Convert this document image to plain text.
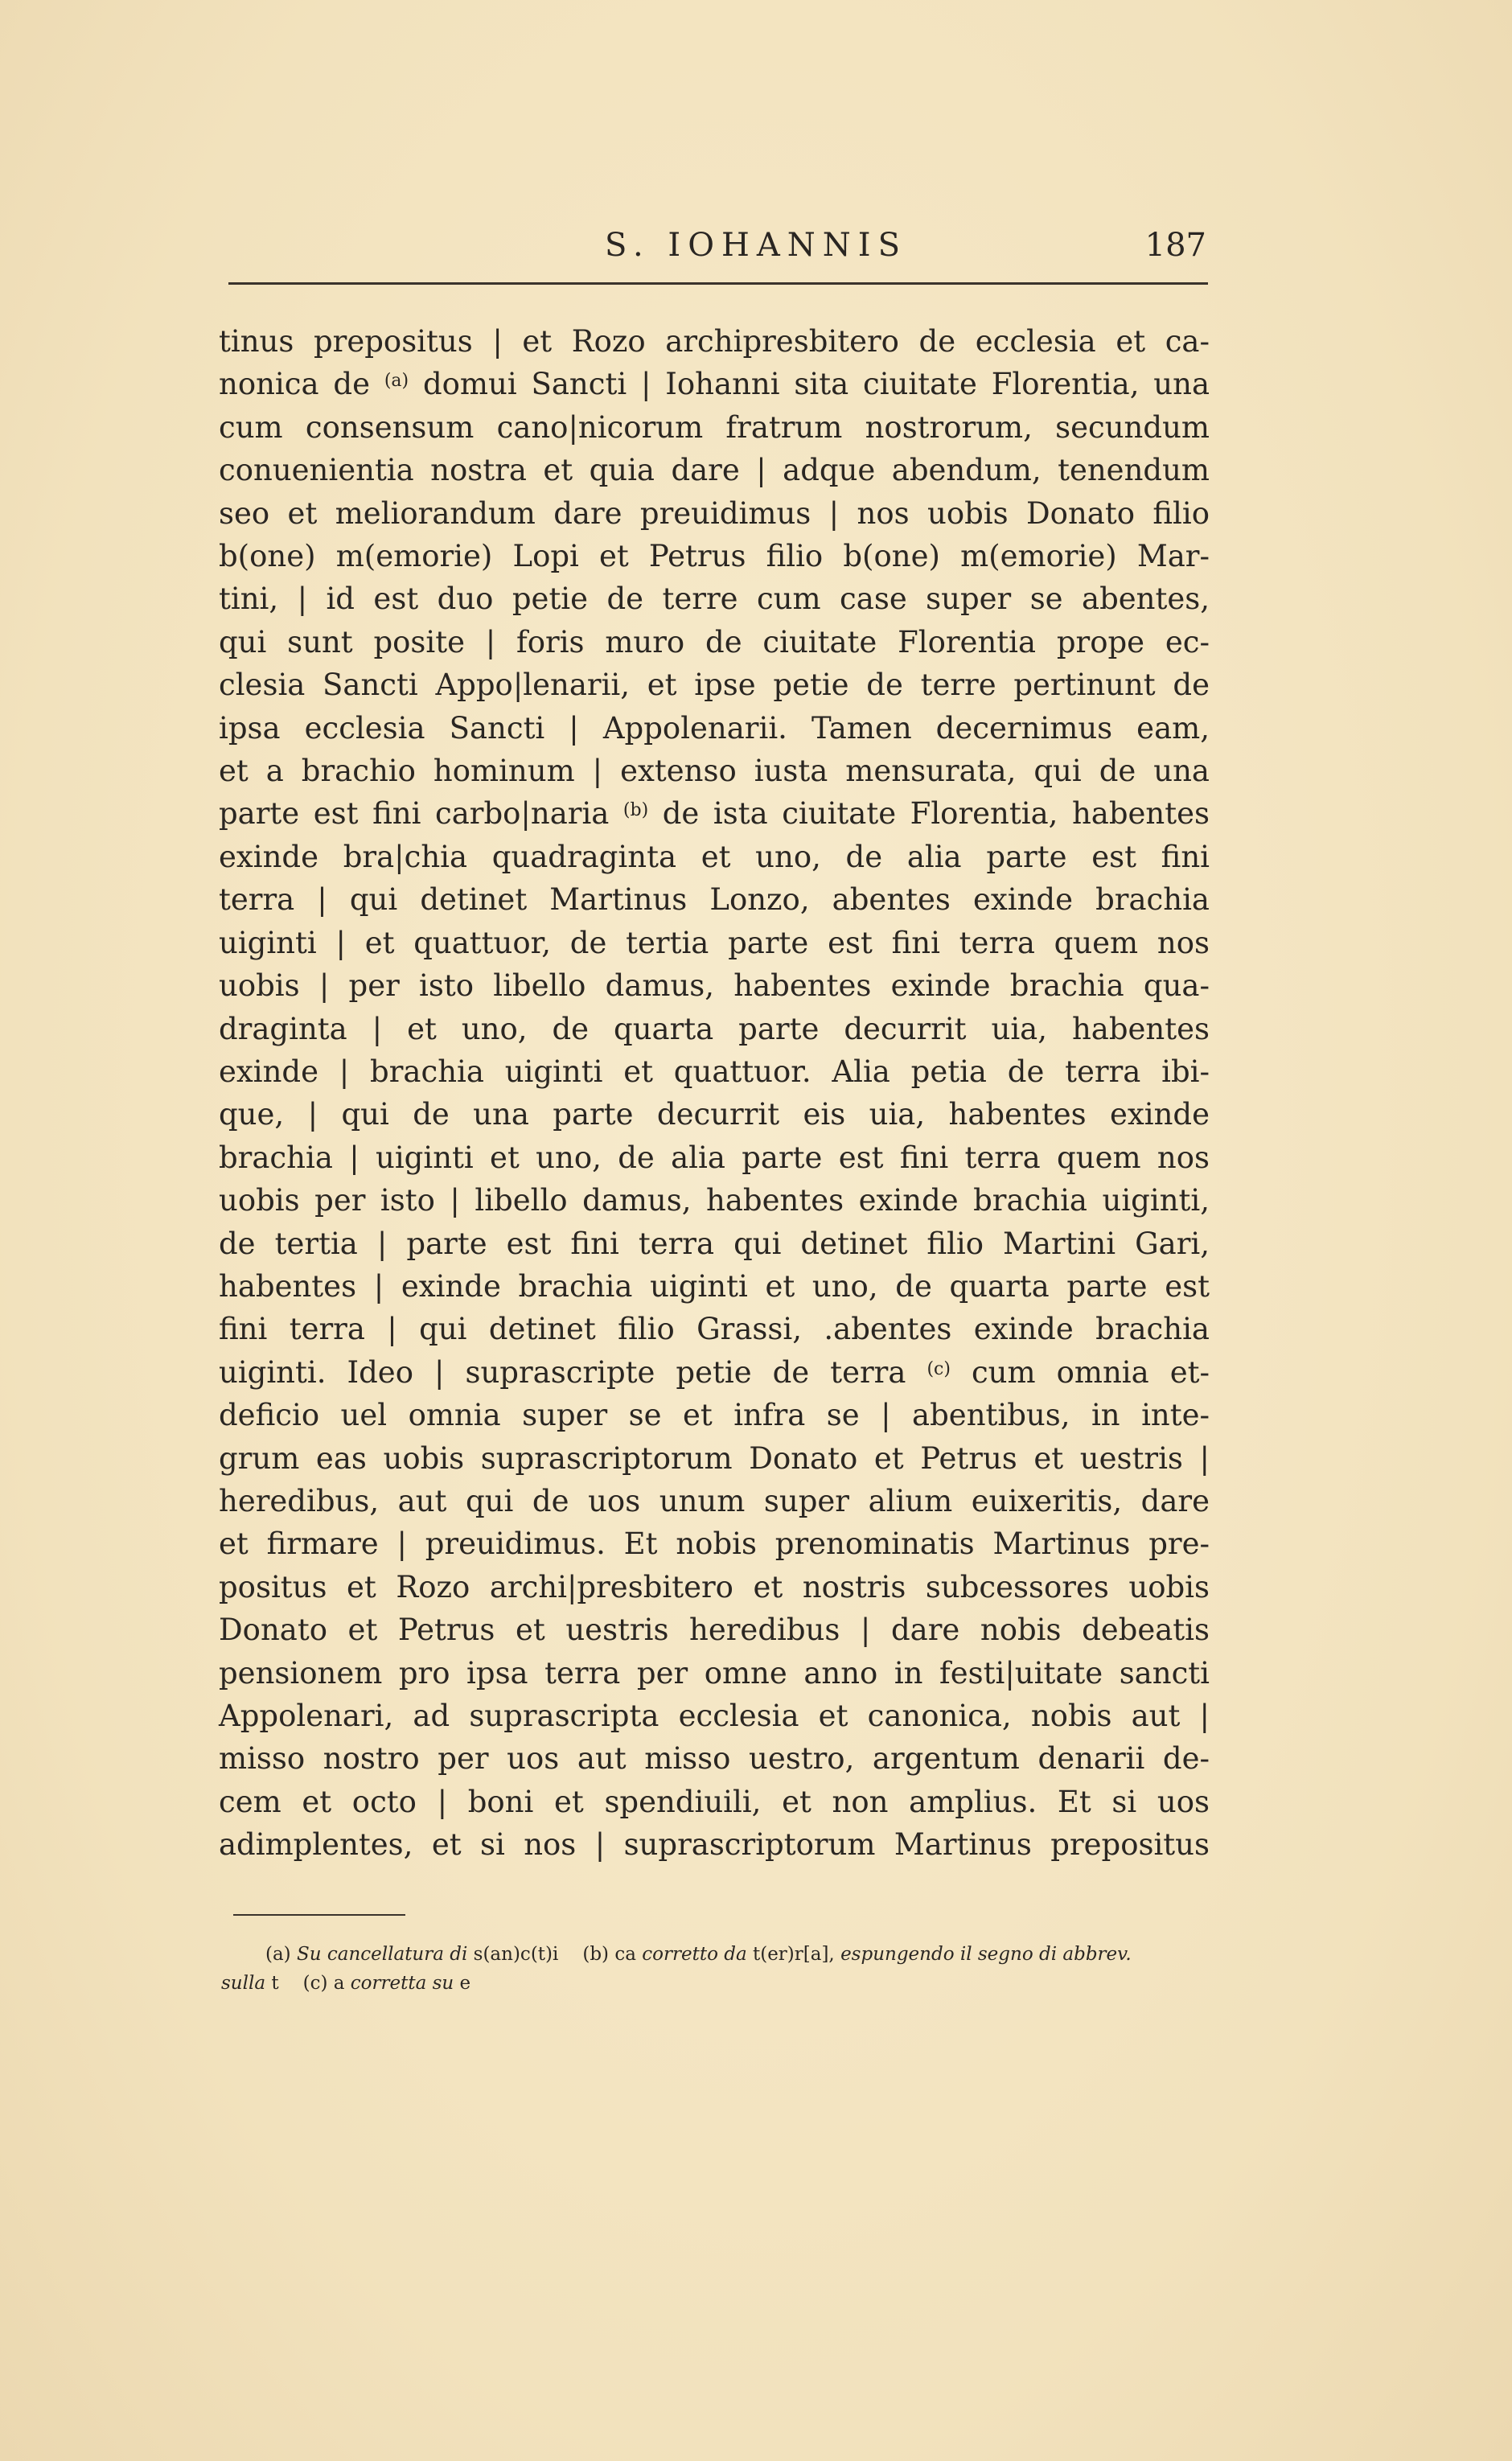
S. IOHANNIS	187
tinus prepositus | et Rozo archipresbitero de ecclesia et ca-
nonica de $^{(a)}$ domui Sancti | Iohanni sita ciuitate Florentia, una
cum consensum cano|nicorum fratrum nostrorum, secundum
conuenientia nostra et quia dare | adque abendum, tenendum
seo et meliorandum dare preuidimus | nos uobis Donato filio
b(one) m(emorie) Lopi et Petrus filio b(one) m(emorie) Mar-
tini, | id est duo petie de terre cum case super se abentes,
qui sunt posite | foris muro de ciuitate Florentia prope ec-
clesia Sancti Appo|lenarii, et ipse petie de terre pertinunt de
ipsa ecclesia Sancti | Appolenarii. Tamen decernimus eam,
et a brachio hominum | extenso iusta mensurata, qui de una
parte est fini carbo|naria $^{(b)}$ de ista ciuitate Florentia, habentes
exinde bra|chia quadraginta et uno, de alia parte est fini
terra | qui detinet Martinus Lonzo, abentes exinde brachia
uiginti | et quattuor, de tertia parte est fini terra quem nos
uobis | per isto libello damus, habentes exinde brachia qua-
draginta | et uno, de quarta parte decurrit uia, habentes
exinde | brachia uiginti et quattuor. Alia petia de terra ibi-
que, | qui de una parte decurrit eis uia, habentes exinde
brachia | uiginti et uno, de alia parte est fini terra quem nos
uobis per isto | libello damus, habentes exinde brachia uiginti,
de tertia | parte est fini terra qui detinet filio Martini Gari,
habentes | exinde brachia uiginti et uno, de quarta parte est
fini terra | qui detinet filio Grassi, .abentes exinde brachia
uiginti. Ideo | suprascripte petie de terra $^{(c)}$ cum omnia et-
deficio uel omnia super se et infra se | abentibus, in inte-
grum eas uobis suprascriptorum Donato et Petrus et uestris |
heredibus, aut qui de uos unum super alium euixeritis, dare
et firmare | preuidimus. Et nobis prenominatis Martinus pre-
positus et Rozo archi|presbitero et nostris subcessores uobis
Donato et Petrus et uestris heredibus | dare nobis debeatis
pensionem pro ipsa terra per omne anno in festi|uitate sancti
Appolenari, ad suprascripta ecclesia et canonica, nobis aut |
misso nostro per uos aut misso uestro, argentum denarii de-
cem et octo | boni et spendiuili, et non amplius. Et si uos
adimplentes, et si nos | suprascriptorum Martinus prepositus
(a) Su cancellatura di s(an)c(t)i (b) ca corretto da t(er)r[a], espungendo il segno di abbrev.
sulla t (c) a corretta su e
